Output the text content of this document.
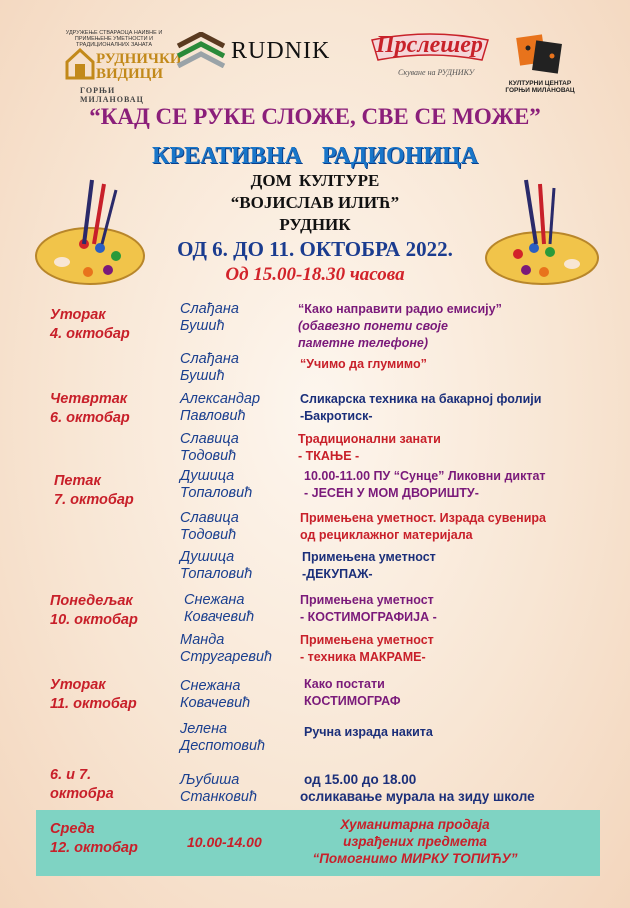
УДРУЖЕЊЕ СТВАРАОЦА НАИВНЕ И ПРИМЕЊЕНЕ УМЕТНОСТИ И ТРАДИЦИОНАЛНИХ ЗАНАТА
РУДНИЧКИ
ВИДИЦИ
ГОРЊИ МИЛАНОВАЦ
RUDNIK Прслешер
Скуване на РУДНИКУ
КУЛТУРНИ ЦЕНТАР
ГОРЊИ МИЛАНОВАЦ
“КАД СЕ РУКЕ СЛОЖЕ, СВЕ СЕ МОЖЕ”
КРЕАТИВНА РАДИОНИЦА
ДОМ КУЛТУРЕ
“ВОЈИСЛАВ ИЛИЋ”
РУДНИК
ОД 6. ДО 11. ОКТОБРА 2022.
Од 15.00-18.30 часова
Уторак
4. октобар
Четвртак
6. октобар
Петак
7. октобар
Понедељак
10. октобар
Уторак
11. октобар
6. и 7.
октобра
Слађана
Бушић
Слађана
Бушић
Александар
Павловић
Славица
Тодовић
Душица
Топаловић
Славица
Тодовић
Душица
Топаловић
Снежана
Ковачевић
Манда
Стругаревић
Снежана
Ковачевић
Јелена
Деспотовић
Љубиша
Станковић
“Како направити радио емисију”
(обавезно понети своје
паметне телефоне)
“Учимо да глумимо”
Сликарска техника на бакарној фолији
-Бакротиск-
Традиционални занати
- ТКАЊЕ -
10.00-11.00 ПУ “Сунце” Ликовни диктат
- ЈЕСЕН У МОМ ДВОРИШТУ-
Примењена уметност. Израда сувенира
од рециклажног материјала
Примењена уметност
-ДЕКУПАЖ-
Примењена уметност
- КОСТИМОГРАФИЈА -
Примењена уметност
- техника МАКРАМЕ-
Како постати
КОСТИМОГРАФ
Ручна израда накита
од 15.00 до 18.00
осликавање мурала на зиду школе
Среда
12. октобар	10.00-14.00
Хуманитарна продаја
израђених предмета
“Помогнимо МИРКУ ТОПИЋУ”
